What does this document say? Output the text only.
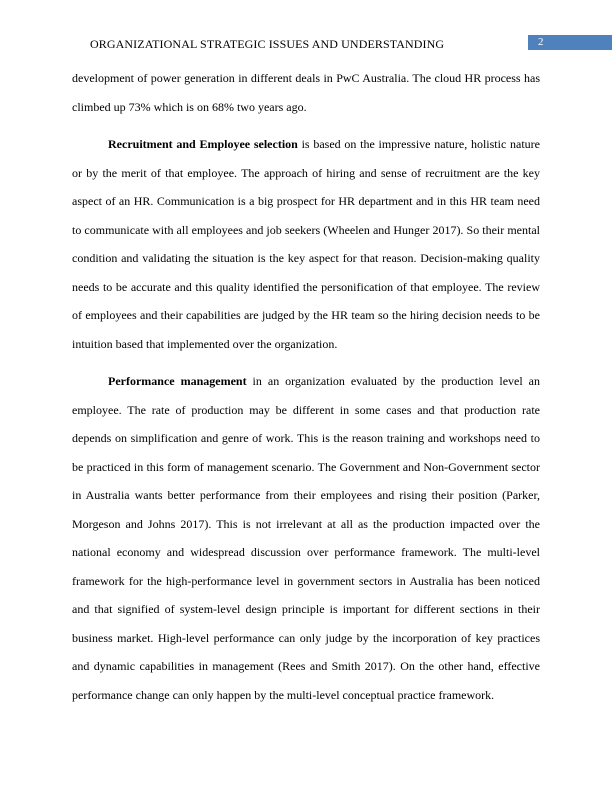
ORGANIZATIONAL STRATEGIC ISSUES AND UNDERSTANDING	2

development of power generation in different deals in PwC Australia. The cloud HR process has climbed up 73% which is on 68% two years ago.

Recruitment and Employee selection is based on the impressive nature, holistic nature or by the merit of that employee. The approach of hiring and sense of recruitment are the key aspect of an HR. Communication is a big prospect for HR department and in this HR team need to communicate with all employees and job seekers (Wheelen and Hunger 2017). So their mental condition and validating the situation is the key aspect for that reason. Decision-making quality needs to be accurate and this quality identified the personification of that employee. The review of employees and their capabilities are judged by the HR team so the hiring decision needs to be intuition based that implemented over the organization.

Performance management in an organization evaluated by the production level an employee. The rate of production may be different in some cases and that production rate depends on simplification and genre of work. This is the reason training and workshops need to be practiced in this form of management scenario. The Government and Non-Government sector in Australia wants better performance from their employees and rising their position (Parker, Morgeson and Johns 2017). This is not irrelevant at all as the production impacted over the national economy and widespread discussion over performance framework. The multi-level framework for the high-performance level in government sectors in Australia has been noticed and that signified of system-level design principle is important for different sections in their business market. High-level performance can only judge by the incorporation of key practices and dynamic capabilities in management (Rees and Smith 2017). On the other hand, effective performance change can only happen by the multi-level conceptual practice framework.
